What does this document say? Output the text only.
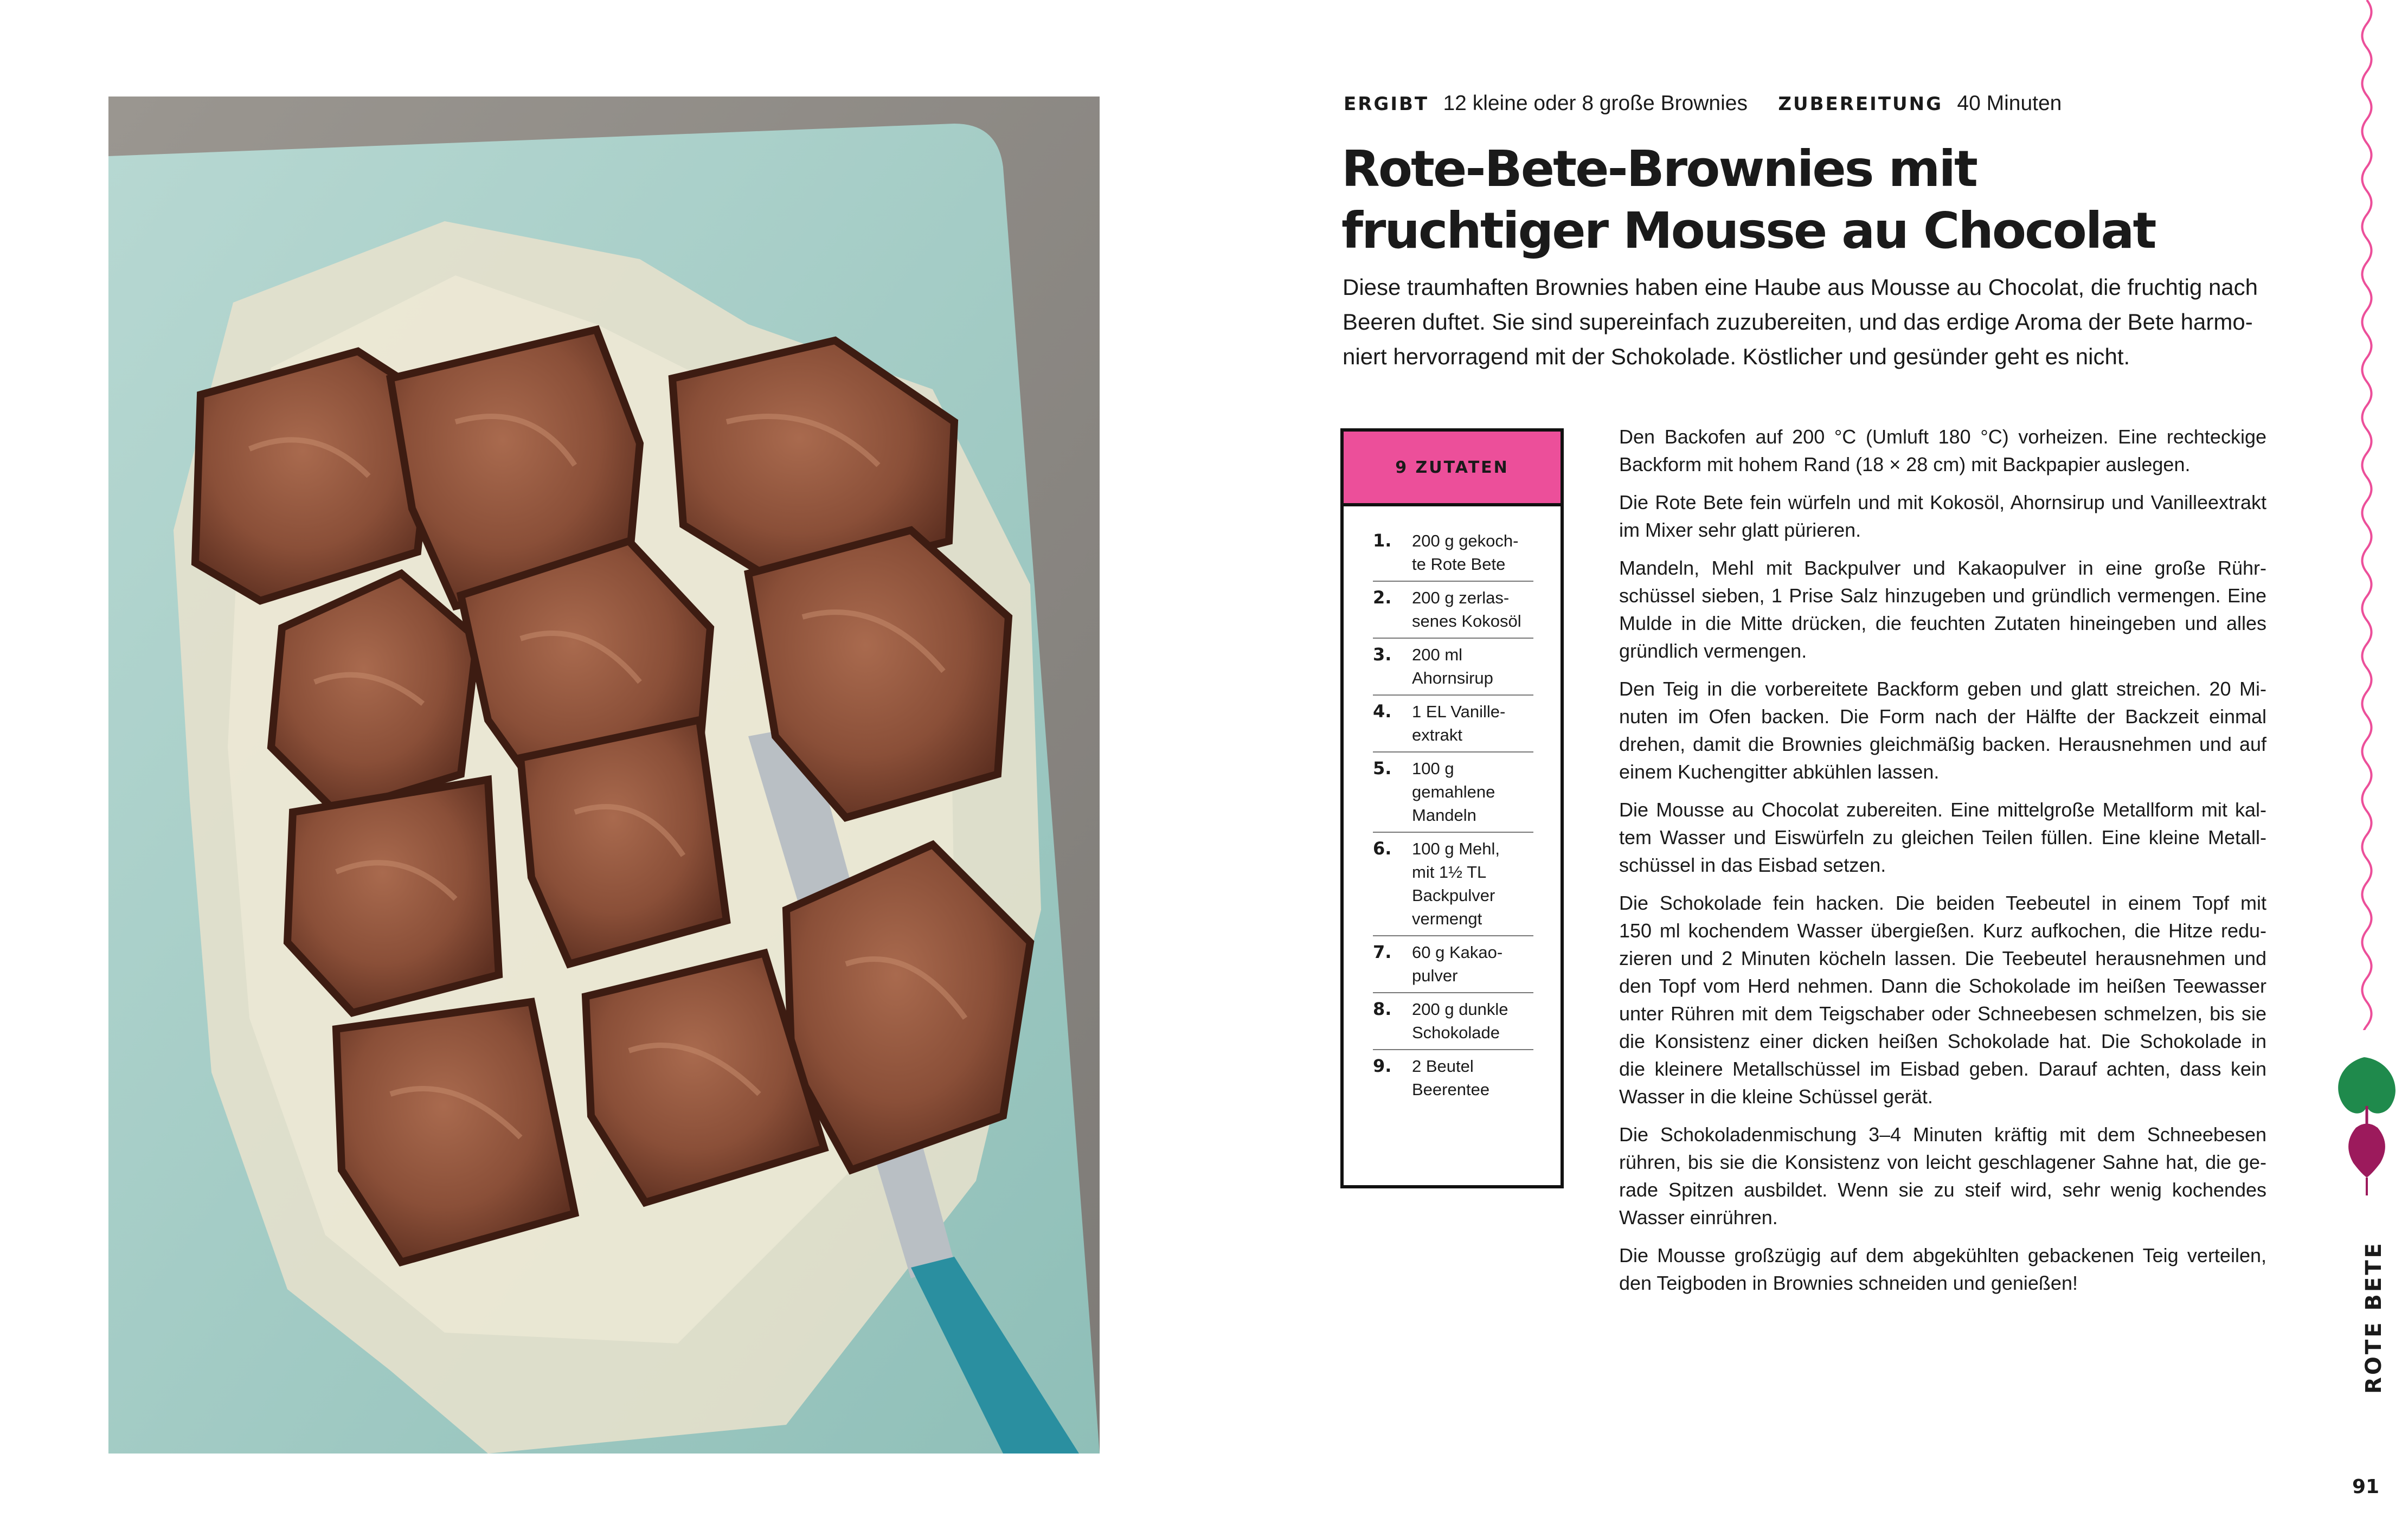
ERGIBT 12 kleine oder 8 große Brownies ZUBEREITUNG 40 Minuten
Rote-Bete-Brownies mit
fruchtiger Mousse au Chocolat

Diese traumhaften Brownies haben eine Haube aus Mousse au Chocolat, die fruchtig nach
Beeren duftet. Sie sind supereinfach zuzubereiten, und das erdige Aroma der Bete harmo-
niert hervorragend mit der Schokolade. Köstlicher und gesünder geht es nicht.

9 ZUTATEN
1. 200 g gekoch-
te Rote Bete
2. 200 g zerlas-
senes Kokosöl
3. 200 ml
Ahornsirup
4. 1 EL Vanille-
extrakt
5. 100 g
gemahlene
Mandeln
6. 100 g Mehl,
mit 1½ TL
Backpulver
vermengt
7. 60 g Kakao-
pulver
8. 200 g dunkle
Schokolade
9. 2 Beutel
Beerentee

Den Backofen auf 200 °C (Umluft 180 °C) vorheizen. Eine rechteckige
Backform mit hohem Rand (18 × 28 cm) mit Backpapier auslegen.

Die Rote Bete fein würfeln und mit Kokosöl, Ahornsirup und Vanilleextrakt
im Mixer sehr glatt pürieren.

Mandeln, Mehl mit Backpulver und Kakaopulver in eine große Rühr-
schüssel sieben, 1 Prise Salz hinzugeben und gründlich vermengen. Eine
Mulde in die Mitte drücken, die feuchten Zutaten hineingeben und alles
gründlich vermengen.

Den Teig in die vorbereitete Backform geben und glatt streichen. 20 Mi-
nuten im Ofen backen. Die Form nach der Hälfte der Backzeit einmal
drehen, damit die Brownies gleichmäßig backen. Herausnehmen und auf
einem Kuchengitter abkühlen lassen.

Die Mousse au Chocolat zubereiten. Eine mittelgroße Metallform mit kal-
tem Wasser und Eiswürfeln zu gleichen Teilen füllen. Eine kleine Metall-
schüssel in das Eisbad setzen.

Die Schokolade fein hacken. Die beiden Teebeutel in einem Topf mit
150 ml kochendem Wasser übergießen. Kurz aufkochen, die Hitze redu-
zieren und 2 Minuten köcheln lassen. Die Teebeutel herausnehmen und
den Topf vom Herd nehmen. Dann die Schokolade im heißen Teewasser
unter Rühren mit dem Teigschaber oder Schneebesen schmelzen, bis sie
die Konsistenz einer dicken heißen Schokolade hat. Die Schokolade in
die kleinere Metallschüssel im Eisbad geben. Darauf achten, dass kein
Wasser in die kleine Schüssel gerät.

Die Schokoladenmischung 3–4 Minuten kräftig mit dem Schneebesen
rühren, bis sie die Konsistenz von leicht geschlagener Sahne hat, die ge-
rade Spitzen ausbildet. Wenn sie zu steif wird, sehr wenig kochendes
Wasser einrühren.

Die Mousse großzügig auf dem abgekühlten gebackenen Teig verteilen,
den Teigboden in Brownies schneiden und genießen!	ROTE BETE
91
